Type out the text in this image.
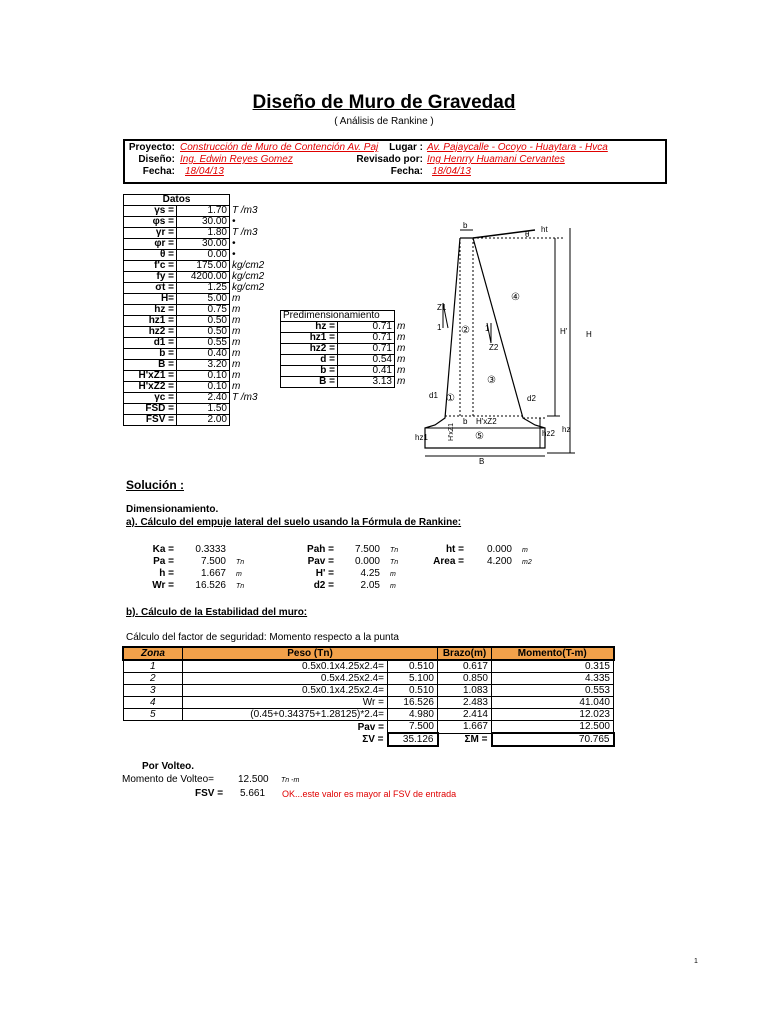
Diseño de Muro de Gravedad
( Análisis de Rankine )
Proyecto: Construcción de Muro de Contención Av. Paj	Lugar : Av. Pajaycalle - Ocoyo - Huaytara - Hvca
Diseño: Ing. Edwin Reyes Gomez	Revisado por: Ing Henrry Huamani Cervantes
Fecha: 18/04/13	Fecha: 18/04/13
Datos		
γs =	1.70	T /m3
φs =	30.00	•
γr =	1.80	T /m3
φr =	30.00	•
θ =	0.00	•
f'c =	175.00	kg/cm2
fy =	4200.00	kg/cm2
σt =	1.25	kg/cm2
H=	5.00	m
hz =	0.75	m
hz1 =	0.50	m
hz2 =	0.50	m
d1 =	0.55	m
b =	0.40	m
B =	3.20	m
H'xZ1 =	0.10	m
H'xZ2 =	0.10	m
γc =	2.40	T /m3
FSD =	1.50	
FSV =	2.00	
Predimensionamiento		
hz =	0.71	m
hz1 =	0.71	m
hz2 =	0.71	m
d =	0.54	m
b =	0.41	m
B =	3.13	m
b	ht
θ
Z1
1	1
Z2
①
②
③
④
⑤
H' H
d1	d2
b H'xZ2
H'xZ1
hz1	hz2 hz
B
Solución :
Dimensionamiento.
a). Cálculo del empuje lateral del suelo usando la Fórmula de Rankine:
Ka = 0.3333
Pa =	7.500 Tn
h =	1.667 m
Wr = 16.526 Tn
Pah = 7.500 Tn
Pav = 0.000 Tn
H' =	4.25 m
d2 =	2.05 m
ht = 0.000 m
Area = 4.200 m2
b). Cálculo de la Estabilidad del muro:
Cálculo del factor de seguridad: Momento respecto a la punta
Zona	Peso (Tn)		Brazo(m)	Momento(T-m)
1	0.5x0.1x4.25x2.4=	0.510	0.617	0.315
2	0.5x4.25x2.4=	5.100	0.850	4.335
3	0.5x0.1x4.25x2.4=	0.510	1.083	0.553
4	Wr =	16.526	2.483	41.040
5	(0.45+0.34375+1.28125)*2.4=	4.980	2.414	12.023
	Pav =	7.500	1.667	12.500
	ΣV =	35.126	ΣM =	70.765
Por Volteo.
Momento de Volteo= 12.500 Tn -m
FSV = 5.661 OK...este valor es mayor al FSV de entrada
1
